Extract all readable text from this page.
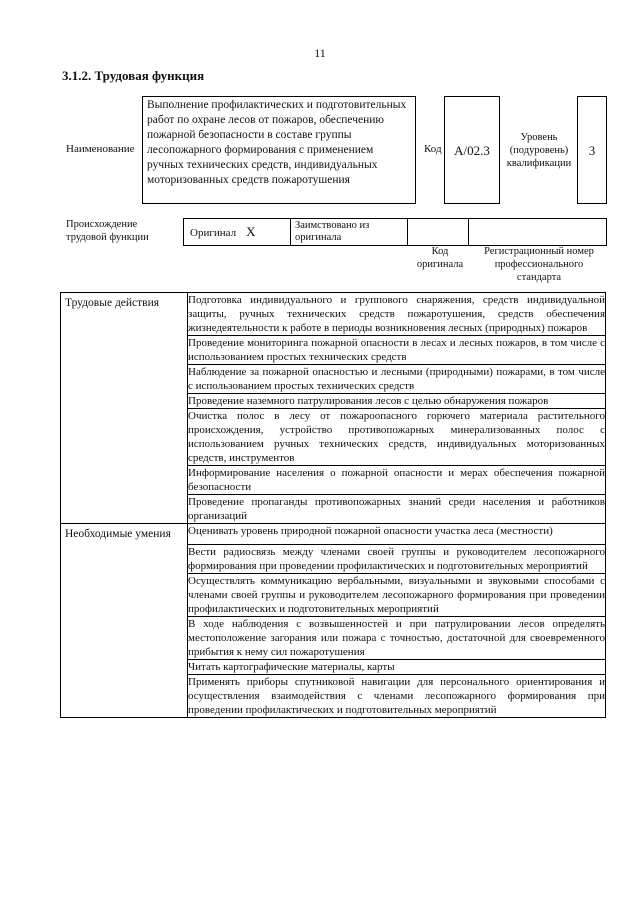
11
3.1.2. Трудовая функция
Наименование
Выполнение профилактических и подготовительных работ по охране лесов от пожаров, обеспечению пожарной безопасности в составе группы лесопожарного формирования с применением ручных технических средств, индивидуальных моторизованных средств пожаротушения
Код А/02.3
Уровень (подуровень) квалификации
3
Происхождение трудовой функции	Оригинал X	Заимствовано из оригинала

Код оригинала
Регистрационный номер профессионального стандарта
Трудовые действия	Подготовка индивидуального и группового снаряжения, средств индивидуальной защиты, ручных технических средств пожаротушения, средств обеспечения жизнедеятельности к работе в периоды возникновения лесных (природных) пожаров
	Проведение мониторинга пожарной опасности в лесах и лесных пожаров, в том числе с использованием простых технических средств
	Наблюдение за пожарной опасностью и лесными (природными) пожарами, в том числе с использованием простых технических средств
	Проведение наземного патрулирования лесов с целью обнаружения пожаров
	Очистка полос в лесу от пожароопасного горючего материала растительного происхождения, устройство противопожарных минерализованных полос с использованием ручных технических средств, индивидуальных моторизованных средств, инструментов
	Информирование населения о пожарной опасности и мерах обеспечения пожарной безопасности
	Проведение пропаганды противопожарных знаний среди населения и работников организаций
Необходимые умения	Оценивать уровень природной пожарной опасности участка леса (местности)
	Вести радиосвязь между членами своей группы и руководителем лесопожарного формирования при проведении профилактических и подготовительных мероприятий
	Осуществлять коммуникацию вербальными, визуальными и звуковыми способами с членами своей группы и руководителем лесопожарного формирования при проведении профилактических и подготовительных мероприятий
	В ходе наблюдения с возвышенностей и при патрулировании лесов определять местоположение загорания или пожара с точностью, достаточной для своевременного прибытия к нему сил пожаротушения
	Читать картографические материалы, карты
	Применять приборы спутниковой навигации для персонального ориентирования и осуществления взаимодействия с членами лесопожарного формирования при проведении профилактических и подготовительных мероприятий
